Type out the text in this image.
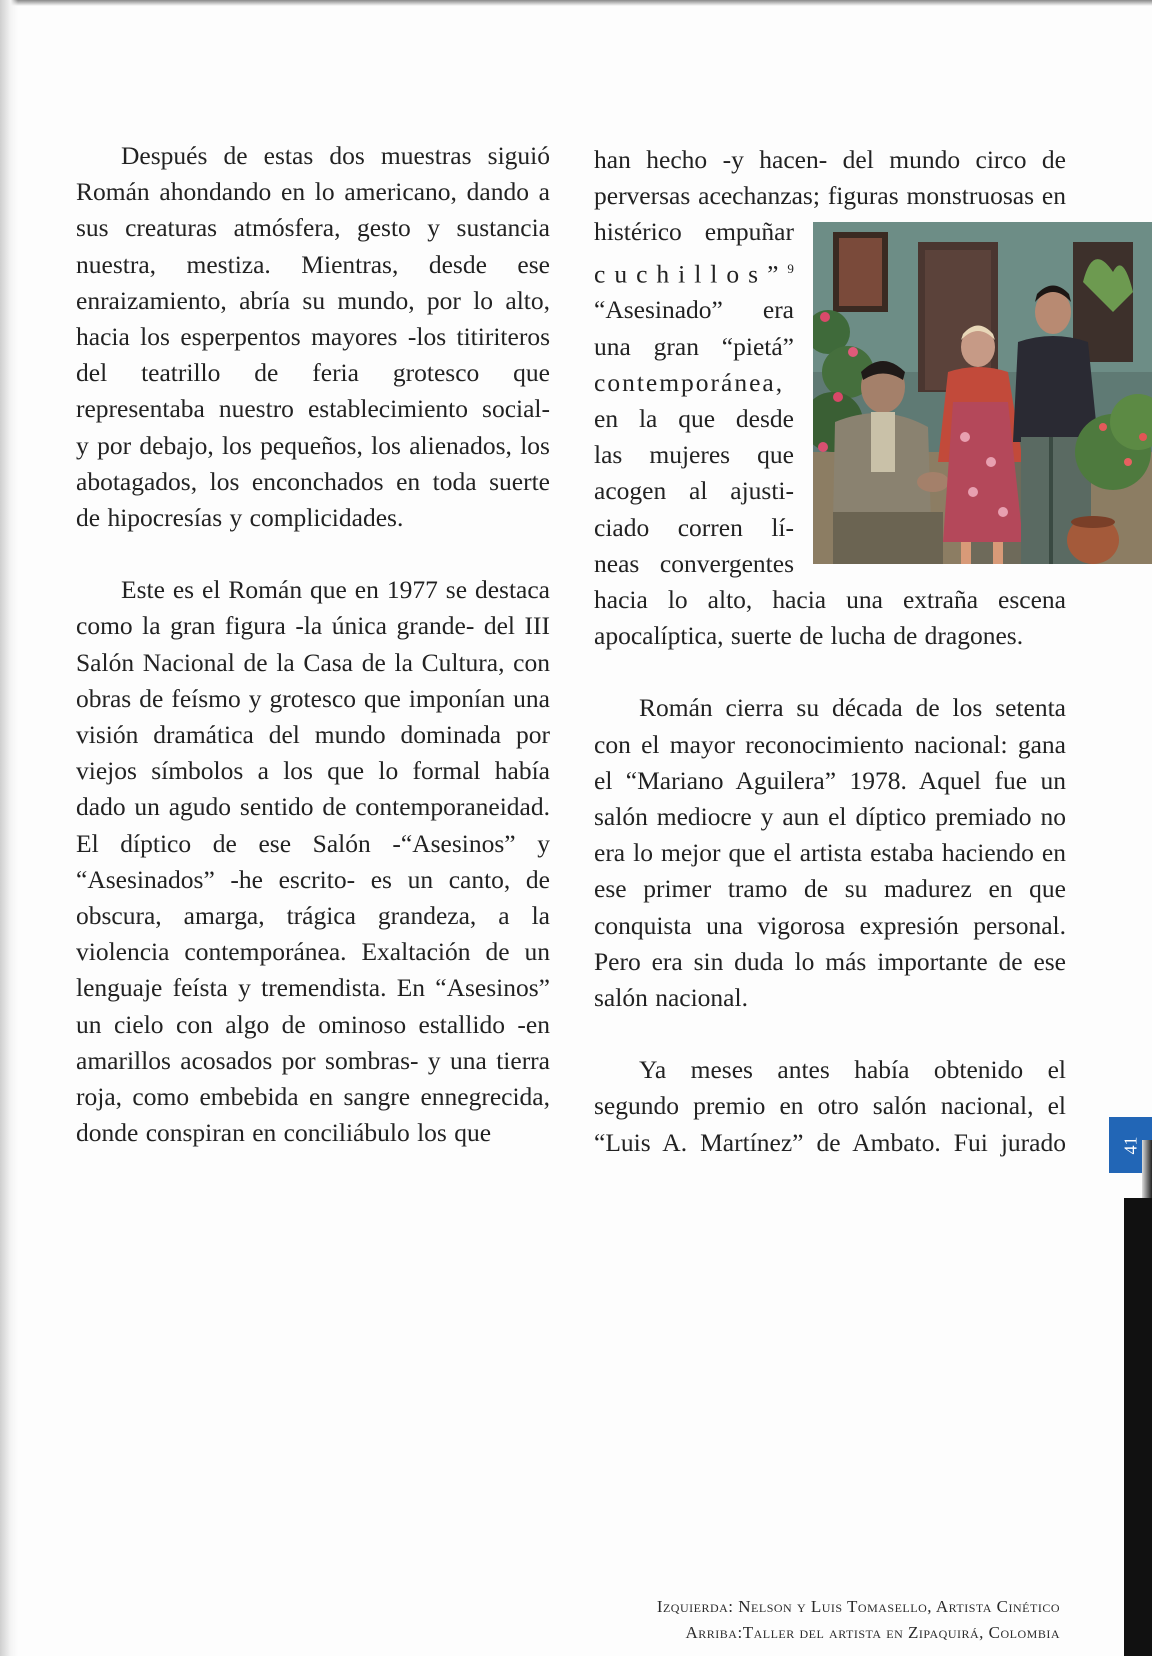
Después de estas dos muestras siguió Román ahondando en lo americano, dando a sus creaturas atmósfera, gesto y sustancia nuestra, mestiza. Mientras, desde ese enraizamiento, abría su mundo, por lo alto, hacia los esperpentos mayores -los titiriteros del teatrillo de feria grotesco que representaba nuestro establecimiento social- y por debajo, los pequeños, los alienados, los abotagados, los enconchados en toda suerte de hipocresías y complicidades.

Este es el Román que en 1977 se destaca como la gran figura -la única grande- del III Salón Nacional de la Casa de la Cultura, con obras de feísmo y grotesco que imponían una visión dramática del mundo dominada por viejos símbolos a los que lo formal había dado un agudo sentido de contemporaneidad. El díptico de ese Salón -“Asesinos” y “Asesinados” -he escrito- es un canto, de obscura, amarga, trágica grandeza, a la violencia contemporánea. Exaltación de un lenguaje feísta y tremendista. En “Asesinos” un cielo con algo de ominoso estallido -en amarillos acosados por sombras- y una tierra roja, como embebida en sangre ennegrecida, donde conspiran en conciliábulo los que

han hecho -y hacen- del mundo circo de

perversas acechanzas; figuras monstruosas en

histérico empuñar

cuchillos”$^9$

“Asesinado” era

una gran “pietá”

contemporánea,

en la que desde

las mujeres que

acogen al ajusti-

ciado corren lí-

neas convergentes

hacia lo alto, hacia una extraña escena apocalíptica, suerte de lucha de dragones.

Román cierra su década de los setenta con el mayor reconocimiento nacional: gana el “Mariano Aguilera” 1978. Aquel fue un salón mediocre y aun el díptico premiado no era lo mejor que el artista estaba haciendo en ese primer tramo de su madurez en que conquista una vigorosa expresión personal. Pero era sin duda lo más importante de ese salón nacional.

Ya meses antes había obtenido el segundo premio en otro salón nacional, el “Luis A. Martínez” de Ambato. Fui jurado	41
Izquierda: Nelson y Luis Tomasello, Artista Cinético
Arriba:Taller del artista en Zipaquirá, Colombia
